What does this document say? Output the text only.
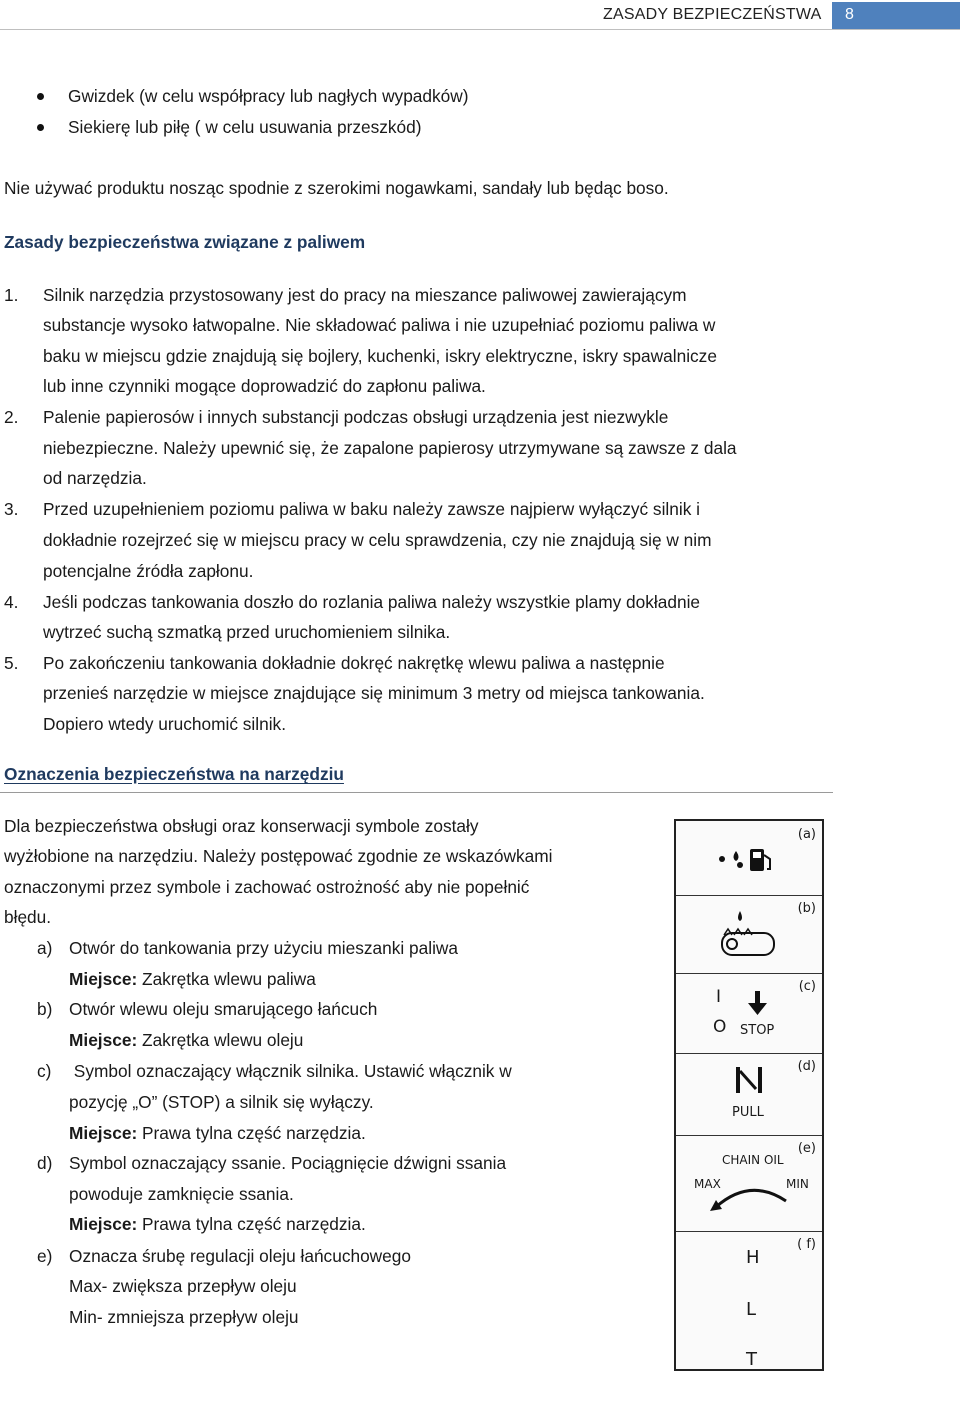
ZASADY BEZPIECZEŃSTWA 8
Gwizdek (w celu współpracy lub nagłych wypadków)
Siekierę lub piłę ( w celu usuwania przeszkód)
Nie używać produktu nosząc spodnie z szerokimi nogawkami, sandały lub będąc boso.
Zasady bezpieczeństwa związane z paliwem
1. Silnik narzędzia przystosowany jest do pracy na mieszance paliwowej zawierającym
substancje wysoko łatwopalne. Nie składować paliwa i nie uzupełniać poziomu paliwa w
baku w miejscu gdzie znajdują się bojlery, kuchenki, iskry elektryczne, iskry spawalnicze
lub inne czynniki mogące doprowadzić do zapłonu paliwa.
2. Palenie papierosów i innych substancji podczas obsługi urządzenia jest niezwykle
niebezpieczne. Należy upewnić się, że zapalone papierosy utrzymywane są zawsze z dala
od narzędzia.
3. Przed uzupełnieniem poziomu paliwa w baku należy zawsze najpierw wyłączyć silnik i
dokładnie rozejrzeć się w miejscu pracy w celu sprawdzenia, czy nie znajdują się w nim
potencjalne źródła zapłonu.
4. Jeśli podczas tankowania doszło do rozlania paliwa należy wszystkie plamy dokładnie
wytrzeć suchą szmatką przed uruchomieniem silnika.
5. Po zakończeniu tankowania dokładnie dokręć nakrętkę wlewu paliwa a następnie
przenieś narzędzie w miejsce znajdujące się minimum 3 metry od miejsca tankowania.
Dopiero wtedy uruchomić silnik.
Oznaczenia bezpieczeństwa na narzędziu
Dla bezpieczeństwa obsługi oraz konserwacji symbole zostały
wyżłobione na narzędziu. Należy postępować zgodnie ze wskazówkami
oznaczonymi przez symbole i zachować ostrożność aby nie popełnić
błędu.
a) Otwór do tankowania przy użyciu mieszanki paliwa
Miejsce: Zakrętka wlewu paliwa
b) Otwór wlewu oleju smarującego łańcuch
Miejsce: Zakrętka wlewu oleju
c) Symbol oznaczający włącznik silnika. Ustawić włącznik w
pozycję „O” (STOP) a silnik się wyłączy.
Miejsce: Prawa tylna część narzędzia.
d) Symbol oznaczający ssanie. Pociągnięcie dźwigni ssania
powoduje zamknięcie ssania.
Miejsce: Prawa tylna część narzędzia.
e) Oznacza śrubę regulacji oleju łańcuchowego
Max- zwiększa przepływ oleju
Min- zmniejsza przepływ oleju
(a)
(b)
(c)
I
O STOP
(d)
PULL
(e)
CHAIN OIL
MAX	MIN
( f)
H
L
T
